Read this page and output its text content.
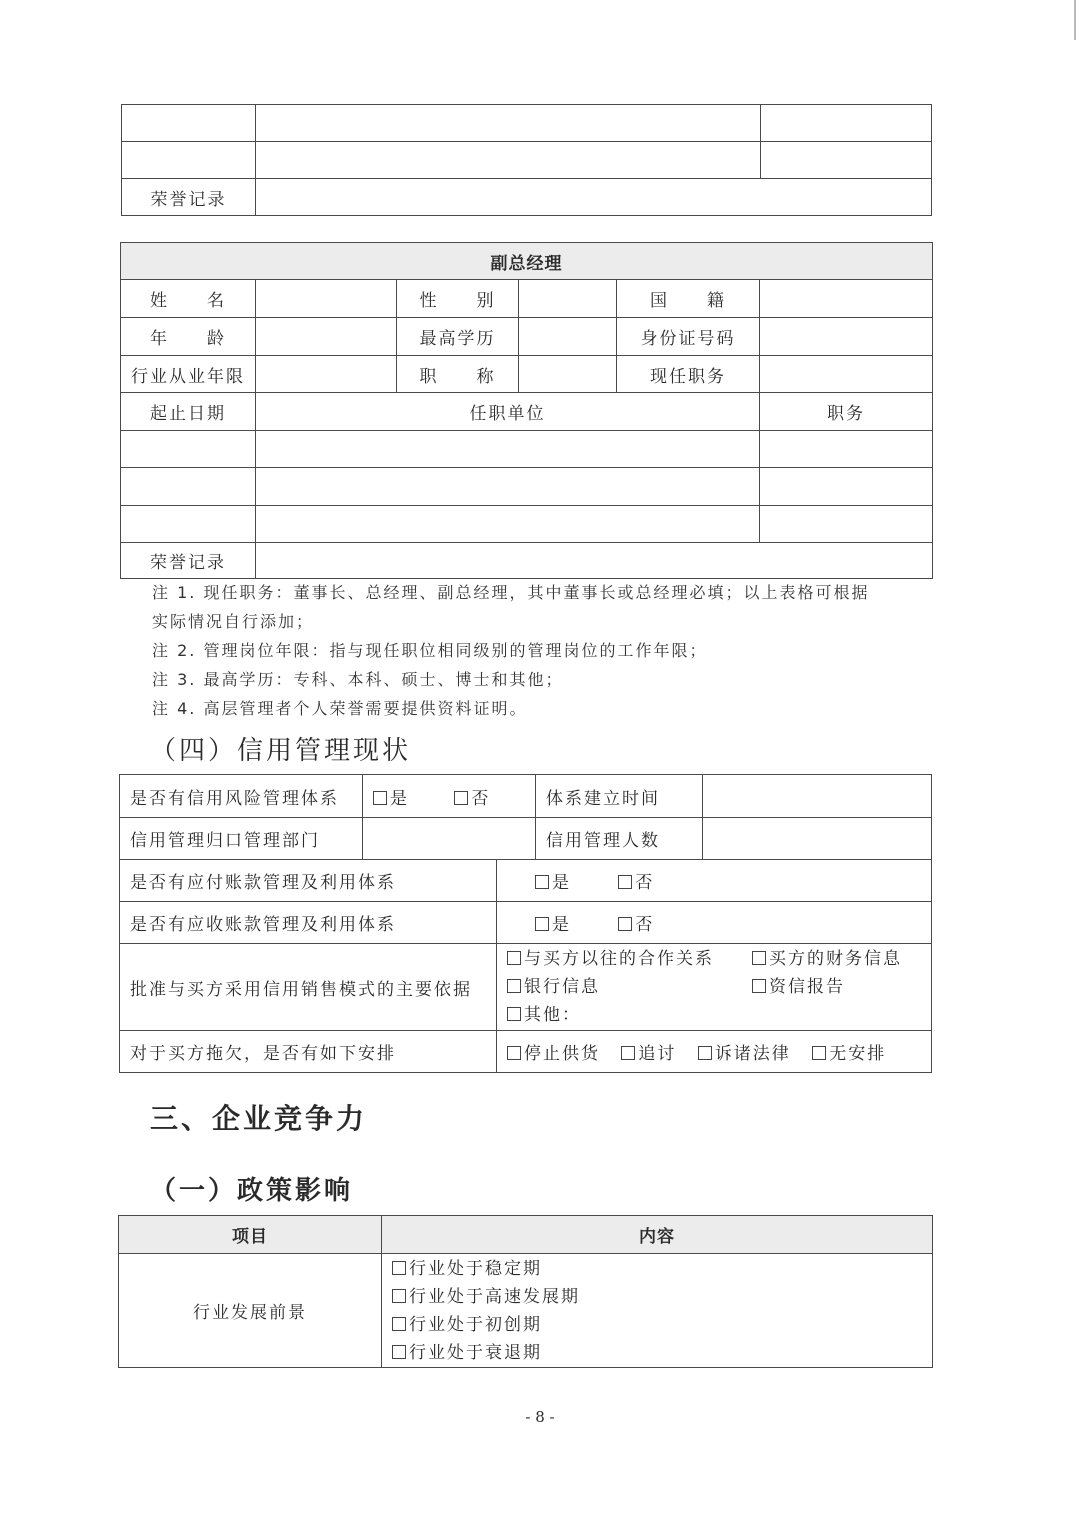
荣誉记录		
副总经理					
姓　　名		性　　别		国　　籍	
年　　龄		最高学历		身份证号码	
行业从业年限		职　　称		现任职务	
起止日期	任职单位				职务

荣誉记录					
注 1. 现任职务：董事长、总经理、副总经理，其中董事长或总经理必填；以上表格可根据
实际情况自行添加；
注 2. 管理岗位年限：指与现任职位相同级别的管理岗位的工作年限；
注 3. 最高学历：专科、本科、硕士、博士和其他；
注 4. 高层管理者个人荣誉需要提供资料证明。
（四）信用管理现状
是否有信用风险管理体系	是 否		体系建立时间	
信用管理归口管理部门			信用管理人数	
是否有应付账款管理及利用体系		是 否		
是否有应收账款管理及利用体系		是 否		
批准与买方采用信用销售模式的主要依据		与买方以往的合作关系 买方的财务信息
银行信息 资信报告
其他：		

对于买方拖欠，是否有如下安排		停止供货 追讨 诉诸法律 无安排		
三、企业竞争力
（一）政策影响
项目	内容
行业发展前景	行业处于稳定期
行业处于高速发展期
行业处于初创期
行业处于衰退期
- 8 -
